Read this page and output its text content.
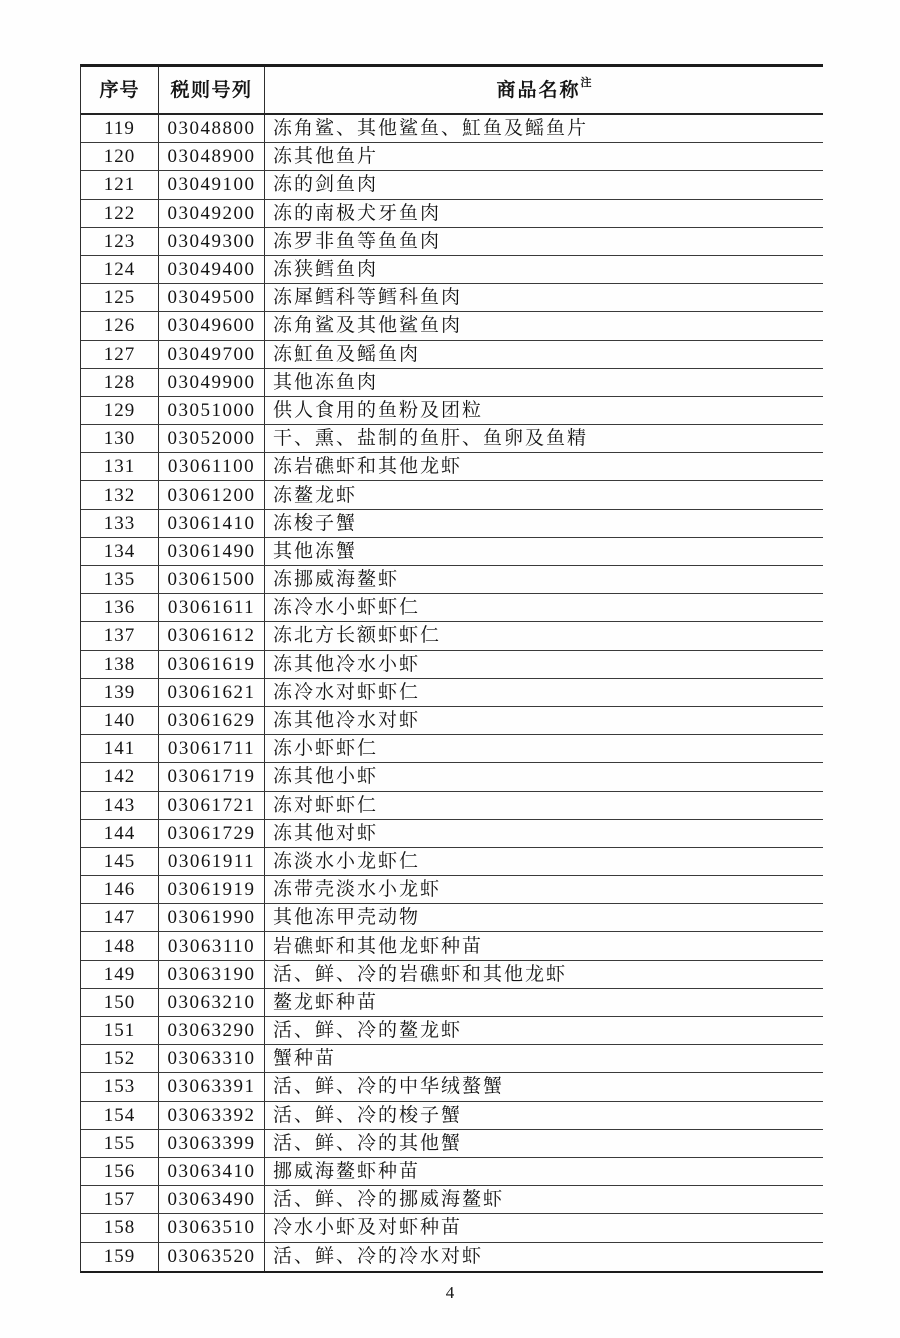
序号	税则号列	商品名称 注
119	03048800 冻角鲨、其他鲨鱼、魟鱼及鳐鱼片
120	03048900 冻其他鱼片
121	03049100 冻的剑鱼肉
122	03049200 冻的南极犬牙鱼肉
123	03049300 冻罗非鱼等鱼鱼肉
124	03049400 冻狭鳕鱼肉
125	03049500 冻犀鳕科等鳕科鱼肉
126	03049600 冻角鲨及其他鲨鱼肉
127	03049700 冻魟鱼及鳐鱼肉
128	03049900 其他冻鱼肉
129	03051000 供人食用的鱼粉及团粒
130	03052000 干、熏、盐制的鱼肝、鱼卵及鱼精
131	03061100 冻岩礁虾和其他龙虾
132	03061200 冻鳌龙虾
133	03061410 冻梭子蟹
134	03061490 其他冻蟹
135	03061500 冻挪威海鳌虾
136	03061611 冻冷水小虾虾仁
137	03061612 冻北方长额虾虾仁
138	03061619 冻其他冷水小虾
139	03061621 冻冷水对虾虾仁
140	03061629 冻其他冷水对虾
141	03061711 冻小虾虾仁
142	03061719 冻其他小虾
143	03061721 冻对虾虾仁
144	03061729 冻其他对虾
145	03061911 冻淡水小龙虾仁
146	03061919 冻带壳淡水小龙虾
147	03061990 其他冻甲壳动物
148	03063110 岩礁虾和其他龙虾种苗
149	03063190 活、鲜、冷的岩礁虾和其他龙虾
150	03063210 鳌龙虾种苗
151	03063290 活、鲜、冷的鳌龙虾
152	03063310 蟹种苗
153	03063391 活、鲜、冷的中华绒螯蟹
154	03063392 活、鲜、冷的梭子蟹
155	03063399 活、鲜、冷的其他蟹
156	03063410 挪威海鳌虾种苗
157	03063490 活、鲜、冷的挪威海鳌虾
158	03063510 冷水小虾及对虾种苗
159	03063520 活、鲜、冷的冷水对虾
4
